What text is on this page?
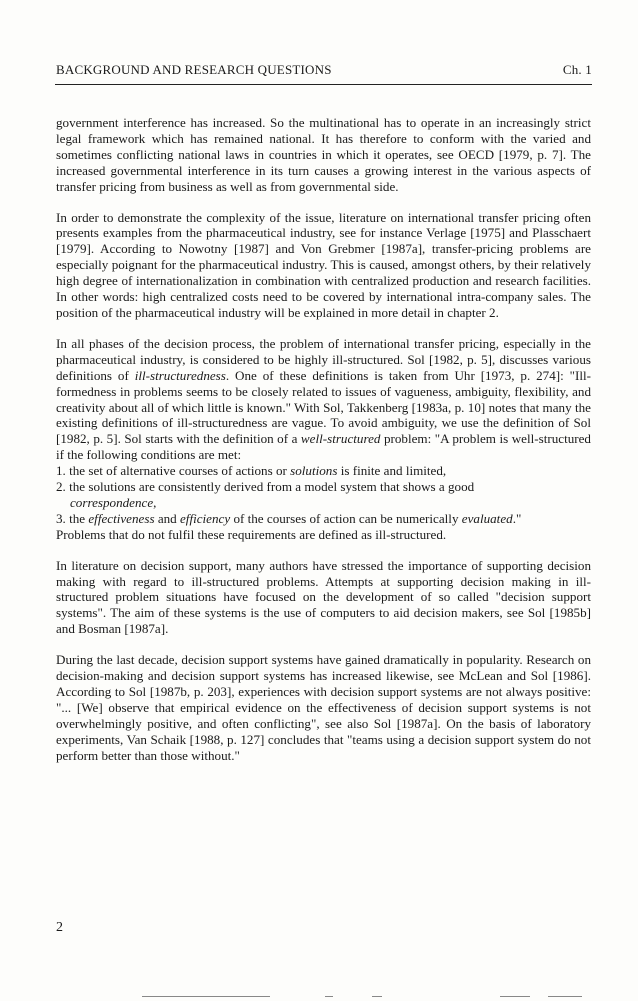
BACKGROUND AND RESEARCH QUESTIONS	Ch. 1

government interference has increased. So the multinational has to operate in an increasingly strict legal framework which has remained national. It has therefore to conform with the varied and sometimes conflicting national laws in countries in which it operates, see OECD [1979, p. 7]. The increased governmental interference in its turn causes a growing interest in the various aspects of transfer pricing from business as well as from governmental side.

In order to demonstrate the complexity of the issue, literature on international transfer pricing often presents examples from the pharmaceutical industry, see for instance Verlage [1975] and Plasschaert [1979]. According to Nowotny [1987] and Von Grebmer [1987a], transfer-pricing problems are especially poignant for the pharmaceutical industry. This is caused, amongst others, by their relatively high degree of internationalization in combination with centralized production and research facilities. In other words: high centralized costs need to be covered by international intra-company sales. The position of the pharmaceutical industry will be explained in more detail in chapter 2.

In all phases of the decision process, the problem of international transfer pricing, especially in the pharmaceutical industry, is considered to be highly ill-structured. Sol [1982, p. 5], discusses various definitions of ill-structuredness. One of these definitions is taken from Uhr [1973, p. 274]: "Ill-formedness in problems seems to be closely related to issues of vagueness, ambiguity, flexibility, and creativity about all of which little is known." With Sol, Takkenberg [1983a, p. 10] notes that many the existing definitions of ill-structuredness are vague. To avoid ambiguity, we use the definition of Sol [1982, p. 5]. Sol starts with the definition of a well-structured problem: "A problem is well-structured if the following conditions are met:

1. the set of alternative courses of actions or solutions is finite and limited,
2. the solutions are consistently derived from a model system that shows a good
correspondence,
3. the effectiveness and efficiency of the courses of action can be numerically evaluated."

Problems that do not fulfil these requirements are defined as ill-structured.

In literature on decision support, many authors have stressed the importance of supporting decision making with regard to ill-structured problems. Attempts at supporting decision making in ill-structured problem situations have focused on the development of so called "decision support systems". The aim of these systems is the use of computers to aid decision makers, see Sol [1985b] and Bosman [1987a].

During the last decade, decision support systems have gained dramatically in popularity. Research on decision-making and decision support systems has increased likewise, see McLean and Sol [1986]. According to Sol [1987b, p. 203], experiences with decision support systems are not always positive: "... [We] observe that empirical evidence on the effectiveness of decision support systems is not overwhelmingly positive, and often conflicting", see also Sol [1987a]. On the basis of laboratory experiments, Van Schaik [1988, p. 127] concludes that "teams using a decision support system do not perform better than those without."

2
